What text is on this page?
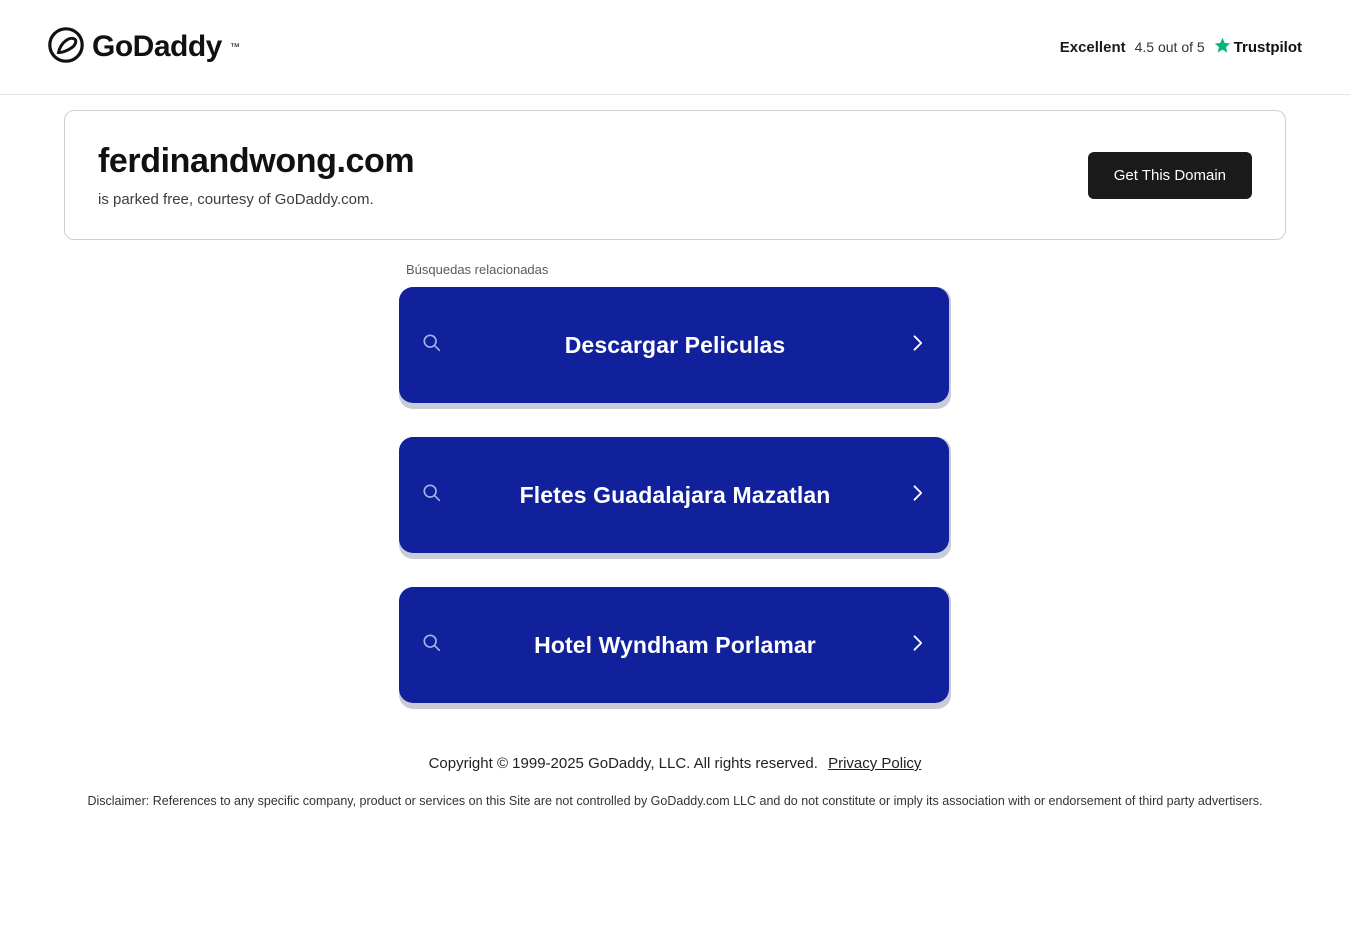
GoDaddy ™	Excellent 4.5 out of 5 Trustpilot
ferdinandwong.com
is parked free, courtesy of GoDaddy.com.
Get This Domain
Búsquedas relacionadas
Descargar Peliculas
Fletes Guadalajara Mazatlan
Hotel Wyndham Porlamar
Copyright © 1999-2025 GoDaddy, LLC. All rights reserved. Privacy Policy
Disclaimer: References to any specific company, product or services on this Site are not controlled by GoDaddy.com LLC and do not constitute or imply its association with or endorsement of third party advertisers.
